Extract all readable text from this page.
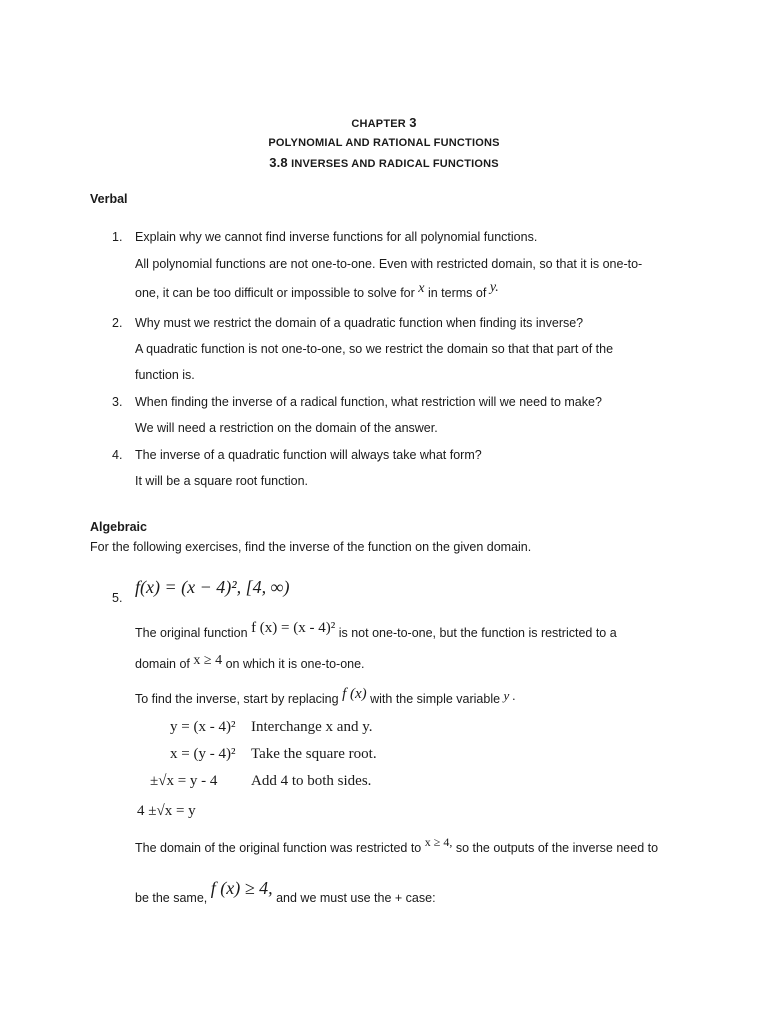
CHAPTER 3
POLYNOMIAL AND RATIONAL FUNCTIONS
3.8 INVERSES AND RADICAL FUNCTIONS
Verbal
1. Explain why we cannot find inverse functions for all polynomial functions.
All polynomial functions are not one-to-one. Even with restricted domain, so that it is one-to-
one, it can be too difficult or impossible to solve for x in terms of y.
2. Why must we restrict the domain of a quadratic function when finding its inverse?
A quadratic function is not one-to-one, so we restrict the domain so that that part of the
function is.
3. When finding the inverse of a radical function, what restriction will we need to make?
We will need a restriction on the domain of the answer.
4. The inverse of a quadratic function will always take what form?
It will be a square root function.
Algebraic
For the following exercises, find the inverse of the function on the given domain.
5.
f(x) = (x − 4)², [4, ∞)
The original function f (x) = (x - 4)² is not one-to-one, but the function is restricted to a
domain of x ≥ 4 on which it is one-to-one.
To find the inverse, start by replacing f (x) with the simple variable y .
y = (x - 4)² Interchange x and y.
x = (y - 4)² Take the square root.
±√x = y - 4 Add 4 to both sides.
4 ±√x = y
The domain of the original function was restricted to x ≥ 4, so the outputs of the inverse need to
be the same, f (x) ≥ 4, and we must use the + case:
